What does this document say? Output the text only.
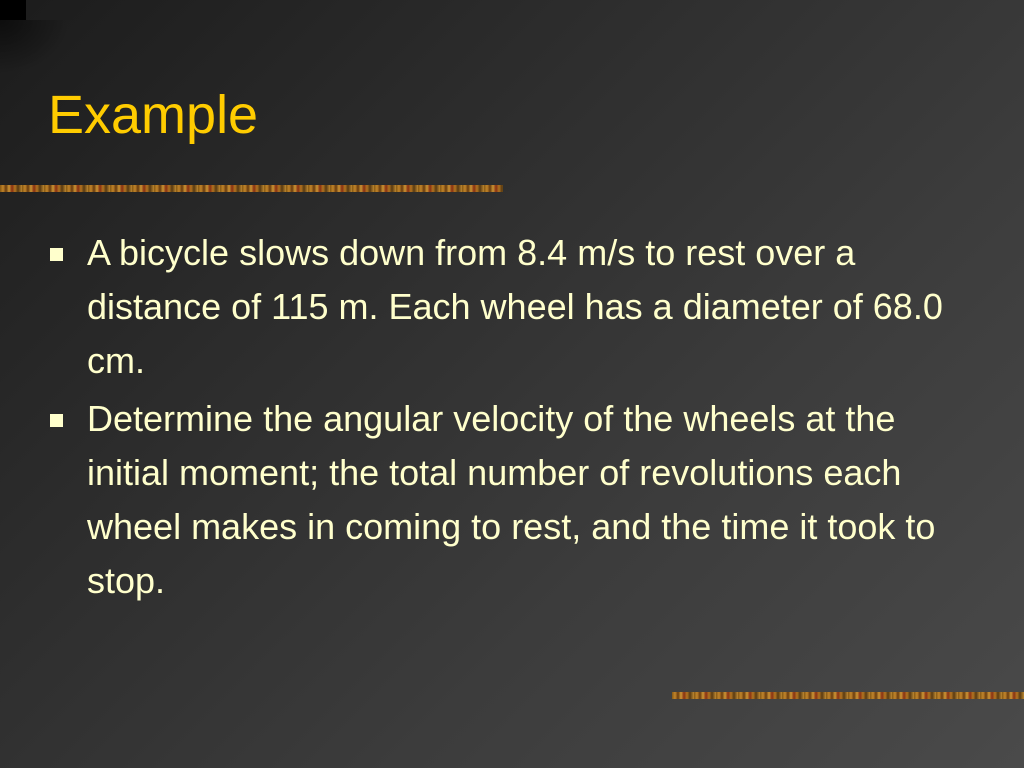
Example
A bicycle slows down from 8.4 m/s to rest over a distance of 115 m. Each wheel has a diameter of 68.0 cm.
Determine the angular velocity of the wheels at the initial moment; the total number of revolutions each wheel makes in coming to rest, and the time it took to stop.
